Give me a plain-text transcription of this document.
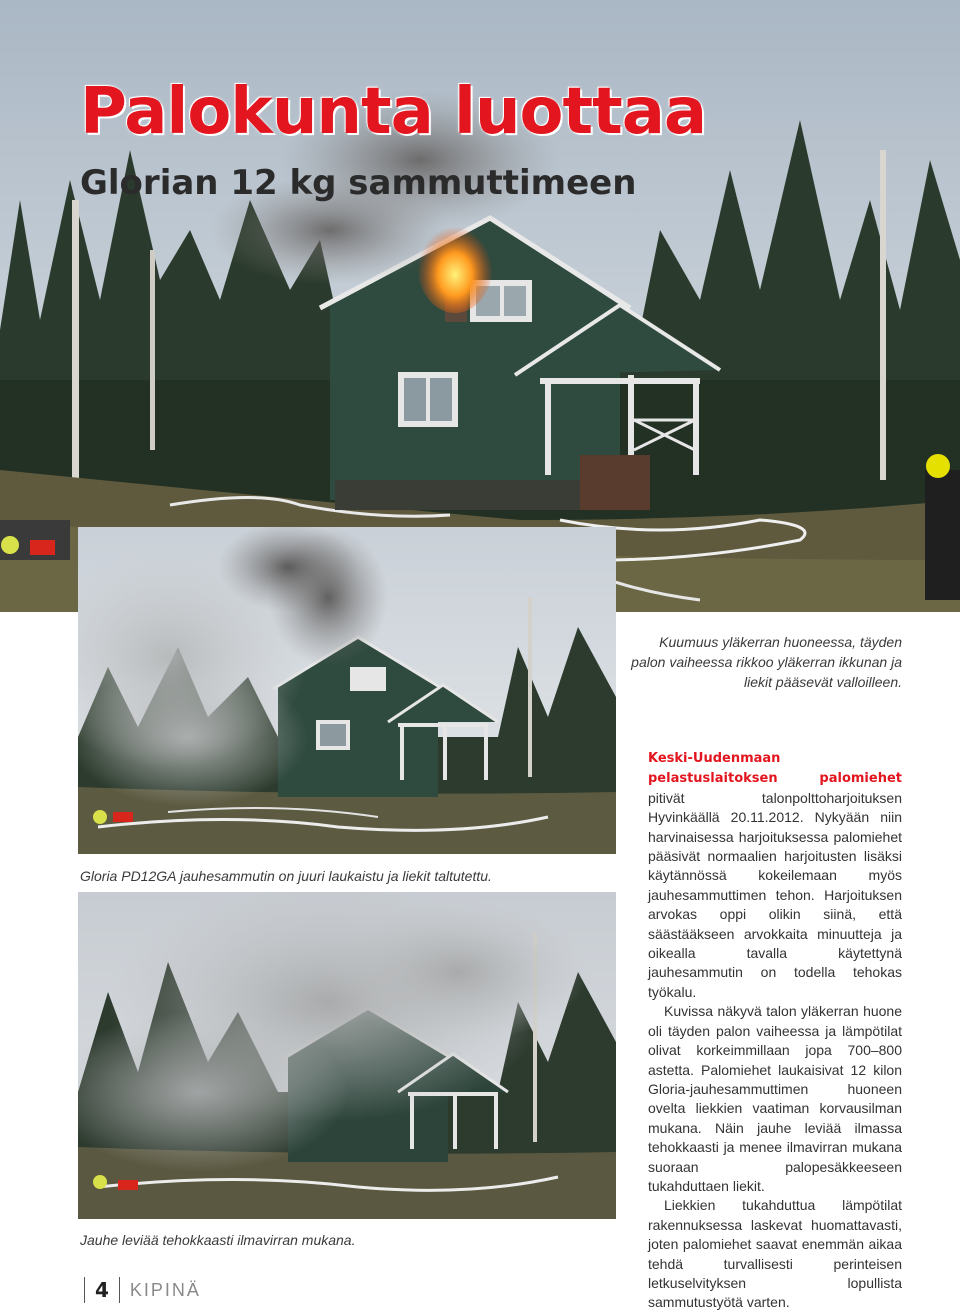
Palokunta luottaa
Glorian 12 kg sammuttimeen

Kuumuus yläkerran huoneessa, täyden palon vaiheessa rikkoo yläkerran ikkunan ja liekit pääsevät valloilleen.

Gloria PD12GA jauhesammutin on juuri laukaistu ja liekit taltutettu.

Jauhe leviää tehokkaasti ilmavirran mukana.

Keski-Uudenmaan pelastuslaitoksen palomiehet pitivät talonpolttoharjoituksen Hyvinkäällä 20.11.2012. Nykyään niin harvinaisessa harjoituksessa palomiehet pääsivät normaalien harjoitusten lisäksi käytännössä kokeilemaan myös jauhesammuttimen tehon. Harjoituksen arvokas oppi olikin siinä, että säästääkseen arvokkaita minuutteja ja oikealla tavalla käytettynä jauhesammutin on todella tehokas työkalu.

Kuvissa näkyvä talon yläkerran huone oli täyden palon vaiheessa ja lämpötilat olivat korkeimmillaan jopa 700–800 astetta. Palomiehet laukaisivat 12 kilon Gloria-jauhesammuttimen huoneen ovelta liekkien vaatiman korvausilman mukana. Näin jauhe leviää ilmassa tehokkaasti ja menee ilmavirran mukana suoraan palopesäkkeeseen tukahduttaen liekit.

Liekkien tukahduttua lämpötilat rakennuksessa laskevat huomattavasti, joten palomiehet saavat enemmän aikaa tehdä turvallisesti perinteisen letkuselvityksen lopullista sammutustyötä varten.

4	KIPINÄ
